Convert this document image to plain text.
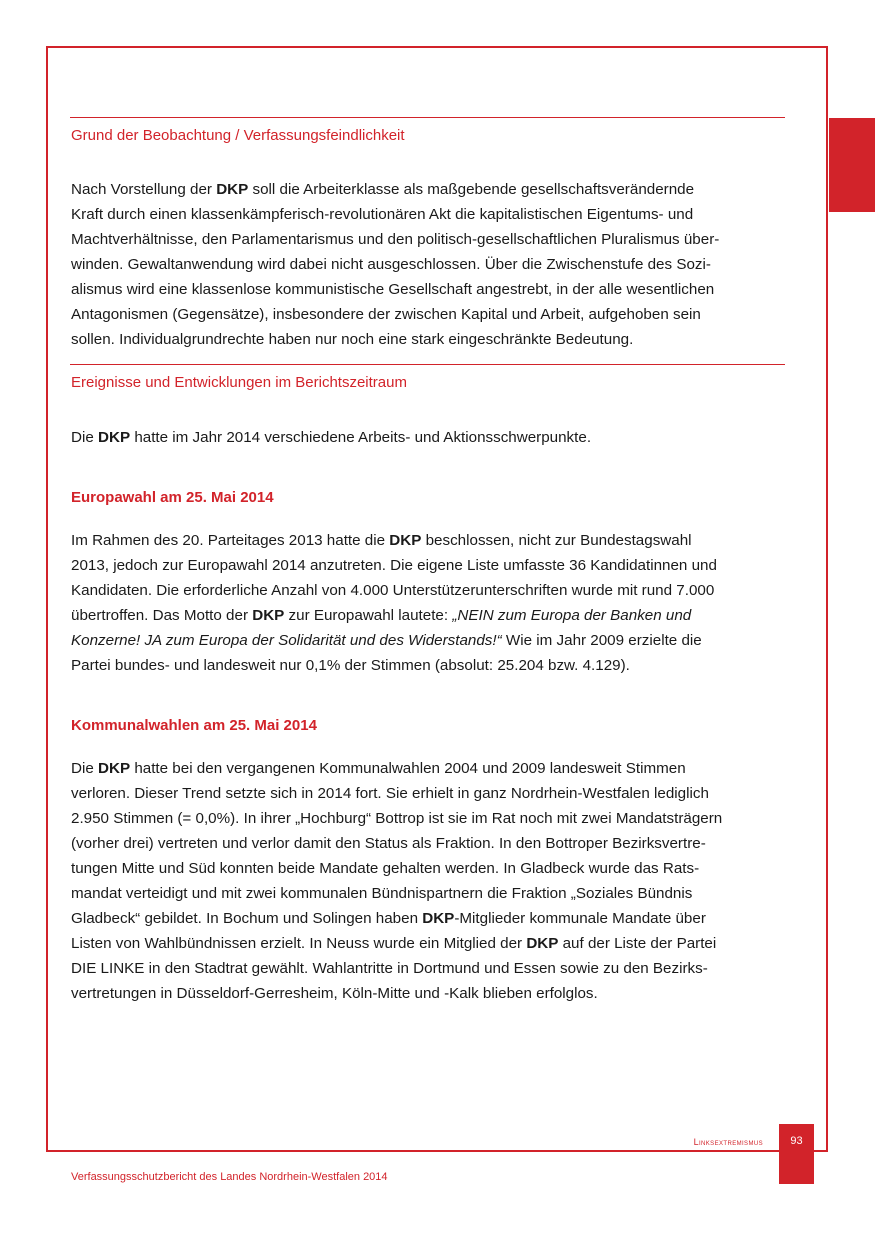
Grund der Beobachtung / Verfassungsfeindlichkeit
Nach Vorstellung der DKP soll die Arbeiterklasse als maßgebende gesellschaftsverändernde
Kraft durch einen klassenkämpferisch-revolutionären Akt die kapitalistischen Eigentums- und
Machtverhältnisse, den Parlamentarismus und den politisch-gesellschaftlichen Pluralismus über-
winden. Gewaltanwendung wird dabei nicht ausgeschlossen. Über die Zwischenstufe des Sozi-
alismus wird eine klassenlose kommunistische Gesellschaft angestrebt, in der alle wesentlichen
Antagonismen (Gegensätze), insbesondere der zwischen Kapital und Arbeit, aufgehoben sein
sollen. Individualgrundrechte haben nur noch eine stark eingeschränkte Bedeutung.
Ereignisse und Entwicklungen im Berichtszeitraum
Die DKP hatte im Jahr 2014 verschiedene Arbeits- und Aktionsschwerpunkte.
Europawahl am 25. Mai 2014
Im Rahmen des 20. Parteitages 2013 hatte die DKP beschlossen, nicht zur Bundestagswahl
2013, jedoch zur Europawahl 2014 anzutreten. Die eigene Liste umfasste 36 Kandidatinnen und
Kandidaten. Die erforderliche Anzahl von 4.000 Unterstützerunterschriften wurde mit rund 7.000
übertroffen. Das Motto der DKP zur Europawahl lautete: „NEIN zum Europa der Banken und
Konzerne! JA zum Europa der Solidarität und des Widerstands!“ Wie im Jahr 2009 erzielte die
Partei bundes- und landesweit nur 0,1% der Stimmen (absolut: 25.204 bzw. 4.129).
Kommunalwahlen am 25. Mai 2014
Die DKP hatte bei den vergangenen Kommunalwahlen 2004 und 2009 landesweit Stimmen
verloren. Dieser Trend setzte sich in 2014 fort. Sie erhielt in ganz Nordrhein-Westfalen lediglich
2.950 Stimmen (= 0,0%). In ihrer „Hochburg“ Bottrop ist sie im Rat noch mit zwei Mandatsträgern
(vorher drei) vertreten und verlor damit den Status als Fraktion. In den Bottroper Bezirksvertre-
tungen Mitte und Süd konnten beide Mandate gehalten werden. In Gladbeck wurde das Rats-
mandat verteidigt und mit zwei kommunalen Bündnispartnern die Fraktion „Soziales Bündnis
Gladbeck“ gebildet. In Bochum und Solingen haben DKP-Mitglieder kommunale Mandate über
Listen von Wahlbündnissen erzielt. In Neuss wurde ein Mitglied der DKP auf der Liste der Partei
DIE LINKE in den Stadtrat gewählt. Wahlantritte in Dortmund und Essen sowie zu den Bezirks-
vertretungen in Düsseldorf-Gerresheim, Köln-Mitte und -Kalk blieben erfolglos.
Linksextremismus	93
Verfassungsschutzbericht des Landes Nordrhein-Westfalen 2014
